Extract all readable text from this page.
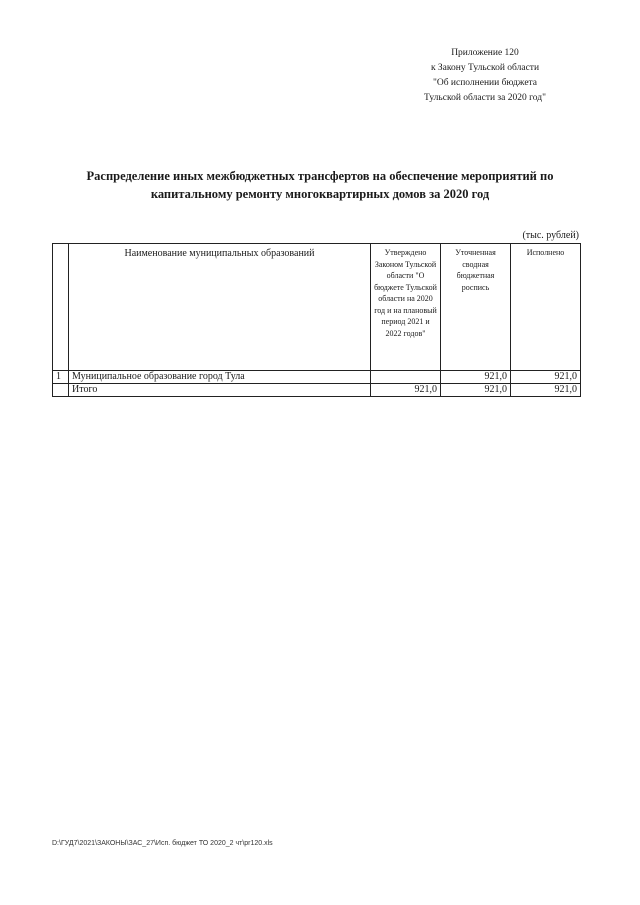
Приложение 120
к Закону Тульской области
"Об исполнении бюджета
Тульской области за 2020 год"
Распределение иных межбюджетных трансфертов на обеспечение мероприятий по
капитальному ремонту многоквартирных домов за 2020 год
(тыс. рублей)
	Наименование муниципальных образований	Утверждено Законом Тульской области "О бюджете Тульской области на 2020 год и на плановый период 2021 и 2022 годов"	Уточненная сводная бюджетная роспись	Исполнено
1	Муниципальное образование город Тула		921,0	921,0
	Итого	921,0	921,0	921,0
D:\ГУД7\2021\ЗАКОНЫ\ЗАС_27\Исп. бюджет ТО 2020_2 чт\pr120.xls
